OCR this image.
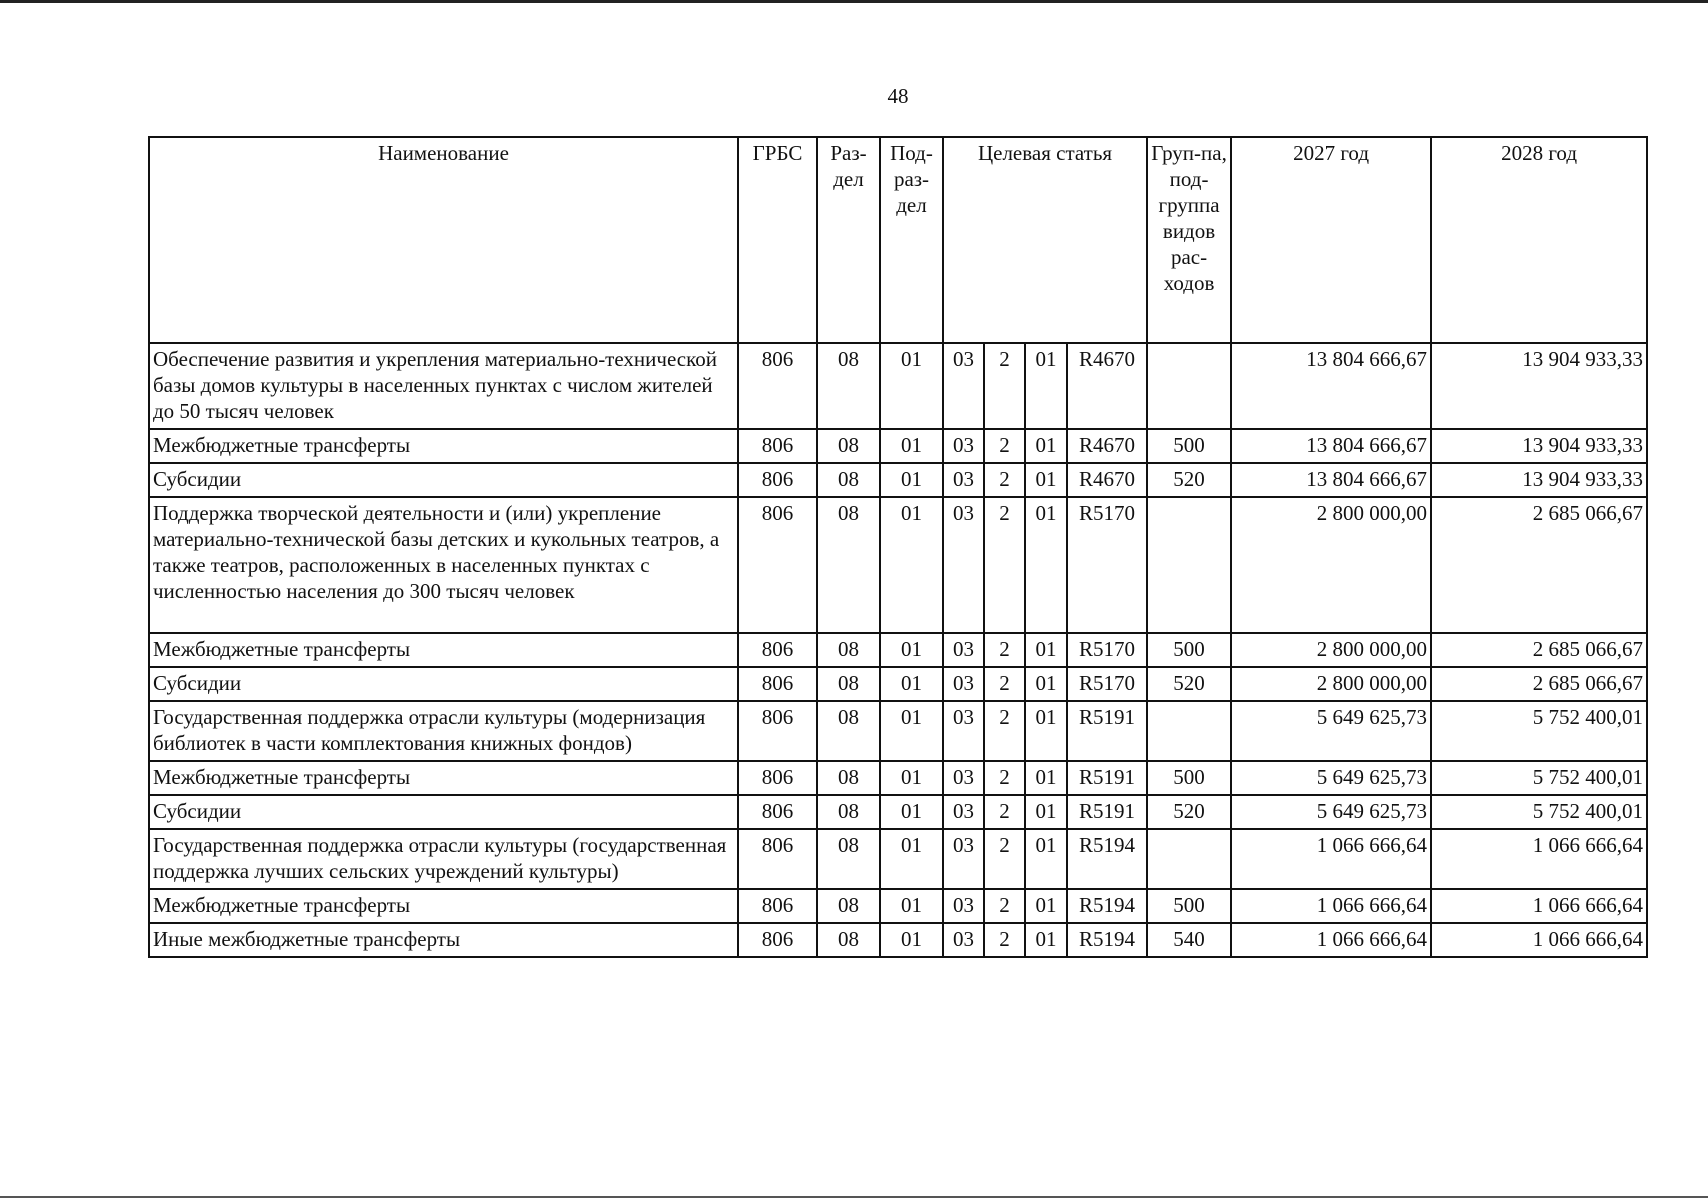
48
Наименование	ГРБС	Раз-дел	Под-раз-дел	Целевая статья				Груп-па, под-группа видов рас-ходов	2027 год	2028 год
Обеспечение развития и укрепления материально-технической базы домов культуры в населенных пунктах с числом жителей до 50 тысяч человек	806	08	01	03	2	01	R4670		13 804 666,67	13 904 933,33
Межбюджетные трансферты	806	08	01	03	2	01	R4670	500	13 804 666,67	13 904 933,33
Субсидии	806	08	01	03	2	01	R4670	520	13 804 666,67	13 904 933,33
Поддержка творческой деятельности и (или) укрепление материально-технической базы детских и кукольных театров, а также театров, расположенных в населенных пунктах с численностью населения до 300 тысяч человек	806	08	01	03	2	01	R5170		2 800 000,00	2 685 066,67
Межбюджетные трансферты	806	08	01	03	2	01	R5170	500	2 800 000,00	2 685 066,67
Субсидии	806	08	01	03	2	01	R5170	520	2 800 000,00	2 685 066,67
Государственная поддержка отрасли культуры (модернизация библиотек в части комплектования книжных фондов)	806	08	01	03	2	01	R5191		5 649 625,73	5 752 400,01
Межбюджетные трансферты	806	08	01	03	2	01	R5191	500	5 649 625,73	5 752 400,01
Субсидии	806	08	01	03	2	01	R5191	520	5 649 625,73	5 752 400,01
Государственная поддержка отрасли культуры (государственная поддержка лучших сельских учреждений культуры)	806	08	01	03	2	01	R5194		1 066 666,64	1 066 666,64
Межбюджетные трансферты	806	08	01	03	2	01	R5194	500	1 066 666,64	1 066 666,64
Иные межбюджетные трансферты	806	08	01	03	2	01	R5194	540	1 066 666,64	1 066 666,64
